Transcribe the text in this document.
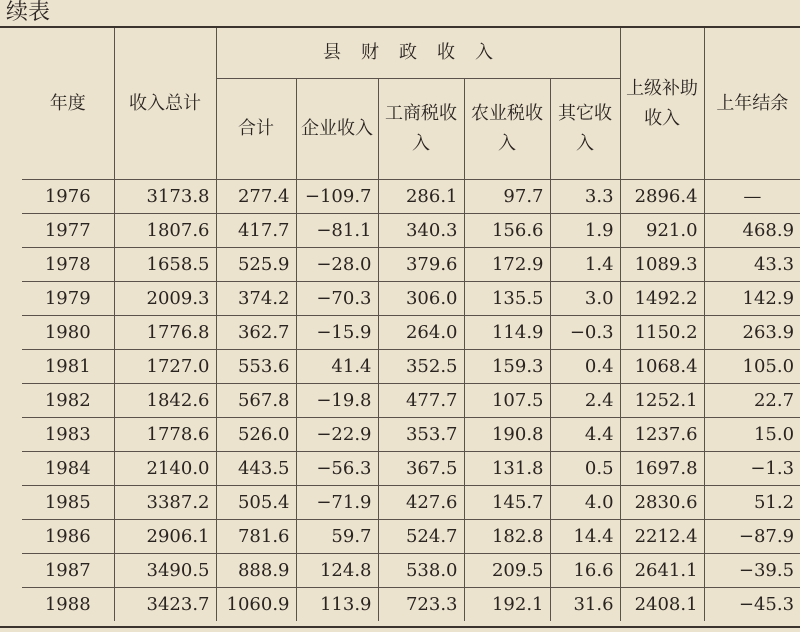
续表
年度	收入总计	县财政收入					上级补助收入	上年结余
		合计	企业收入	工商税收入	农业税收入	其它收入		
1976	3173.8	277.4	−109.7	286.1	97.7	3.3	2896.4	—
1977	1807.6	417.7	−81.1	340.3	156.6	1.9	921.0	468.9
1978	1658.5	525.9	−28.0	379.6	172.9	1.4	1089.3	43.3
1979	2009.3	374.2	−70.3	306.0	135.5	3.0	1492.2	142.9
1980	1776.8	362.7	−15.9	264.0	114.9	−0.3	1150.2	263.9
1981	1727.0	553.6	41.4	352.5	159.3	0.4	1068.4	105.0
1982	1842.6	567.8	−19.8	477.7	107.5	2.4	1252.1	22.7
1983	1778.6	526.0	−22.9	353.7	190.8	4.4	1237.6	15.0
1984	2140.0	443.5	−56.3	367.5	131.8	0.5	1697.8	−1.3
1985	3387.2	505.4	−71.9	427.6	145.7	4.0	2830.6	51.2
1986	2906.1	781.6	59.7	524.7	182.8	14.4	2212.4	−87.9
1987	3490.5	888.9	124.8	538.0	209.5	16.6	2641.1	−39.5
1988	3423.7	1060.9	113.9	723.3	192.1	31.6	2408.1	−45.3
